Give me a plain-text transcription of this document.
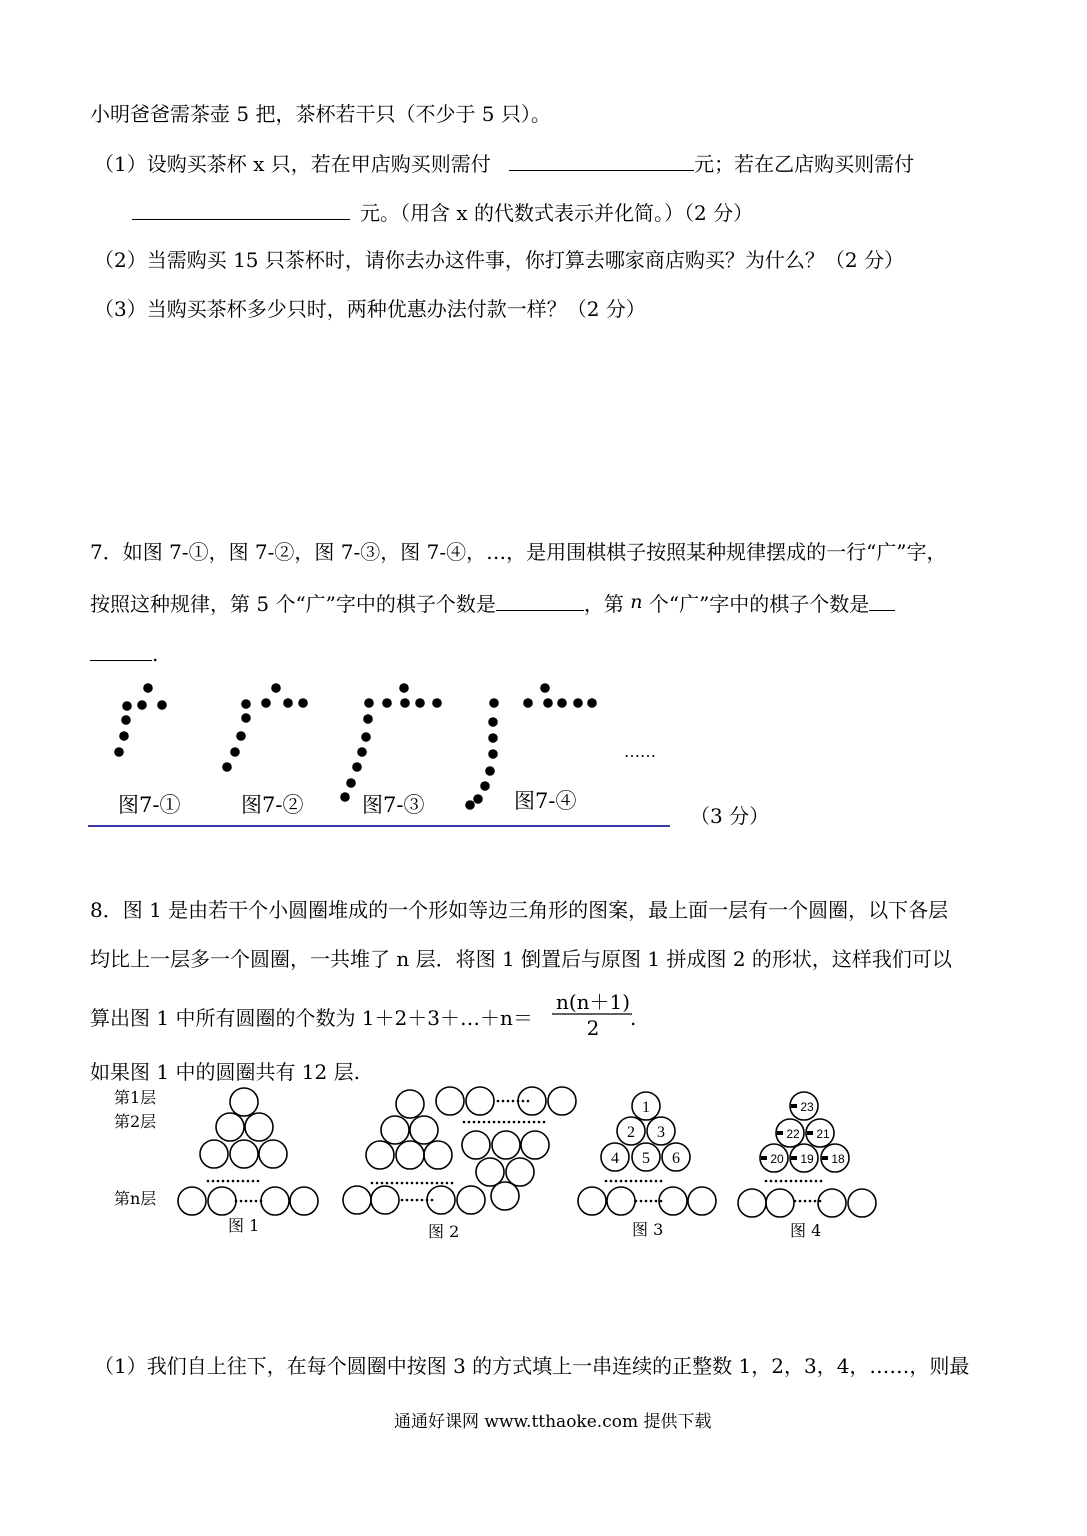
小明爸爸需茶壶 5 把，茶杯若干只（不少于 5 只）。
（1）设购买茶杯 x 只，若在甲店购买则需付	元；若在乙店购买则需付
元。（用含 x 的代数式表示并化简。）（2 分）
（2）当需购买 15 只茶杯时，请你去办这件事，你打算去哪家商店购买？为什么？（2 分）
（3）当购买茶杯多少只时，两种优惠办法付款一样？（2 分）
7．如图 7-①，图 7-②，图 7-③，图 7-④，…，是用围棋棋子按照某种规律摆成的一行“广”字，
按照这种规律，第 5 个“广”字中的棋子个数是	，第 n 个“广”字中的棋子个数是
.
图7-①	图7-②	图7-③	图7-④
……
（3 分）
8．图 1 是由若干个小圆圈堆成的一个形如等边三角形的图案，最上面一层有一个圆圈，以下各层
均比上一层多一个圆圈，一共堆了 n 层．将图 1 倒置后与原图 1 拼成图 2 的形状，这样我们可以
算出图 1 中所有圆圈的个数为 1＋2＋3＋…＋n＝
n(n＋1)
2	.
如果图 1 中的圆圈共有 12 层.
第1层
第2层
第n层
图 1	图 2	图 3	图 4
（1）我们自上往下，在每个圆圈中按图 3 的方式填上一串连续的正整数 1，2，3，4，……，则最
通通好课网 www.tthaoke.com 提供下载
1
2 3
4 5 6
23
22 21
20 19 18
